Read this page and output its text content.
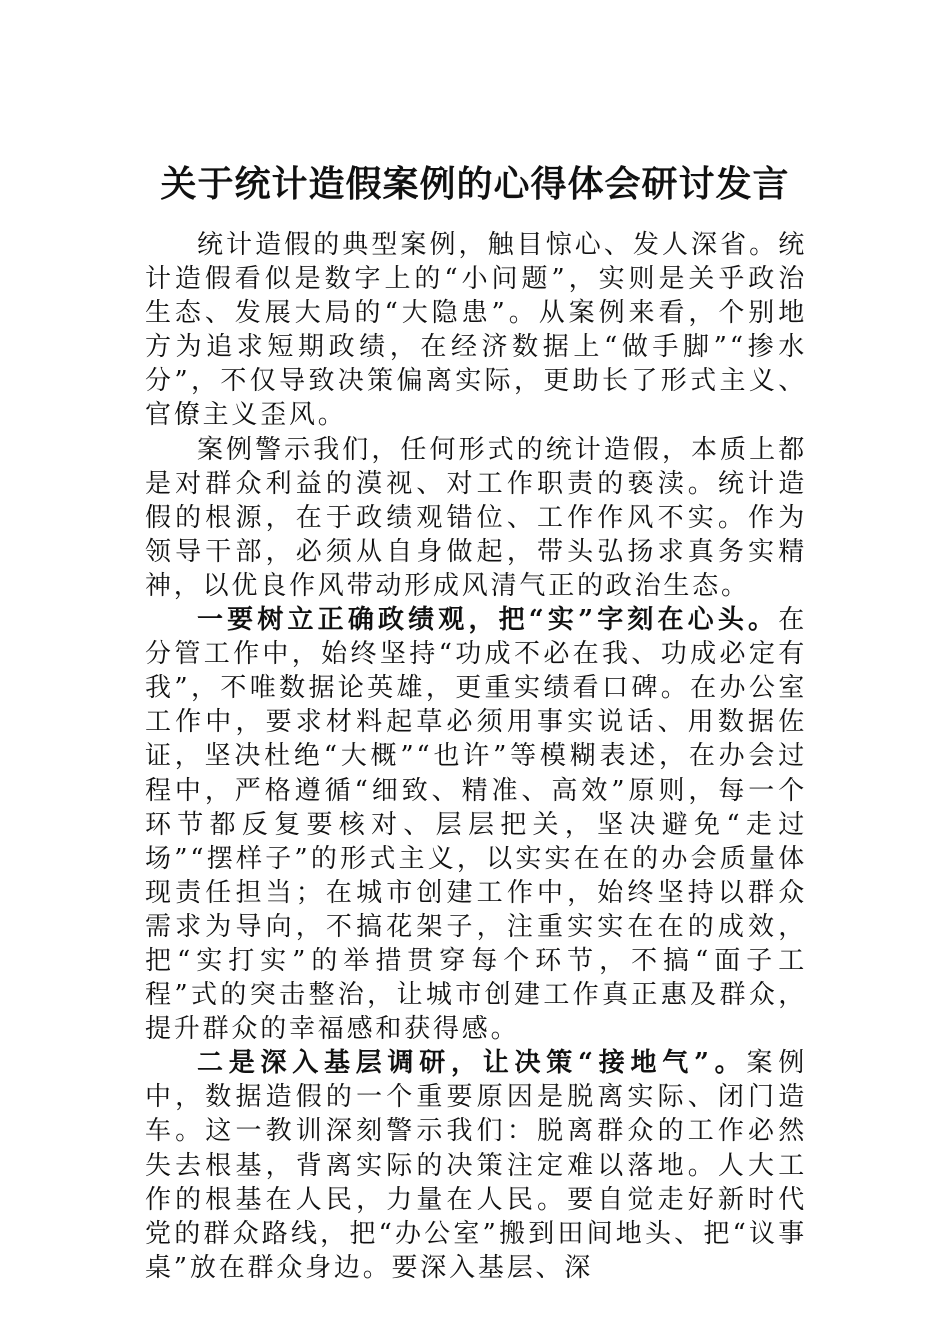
关于统计造假案例的心得体会研讨发言

统计造假的典型案例，触目惊心、发人深省。统计造假看似是数字上的“小问题”，实则是关乎政治生态、发展大局的“大隐患”。从案例来看，个别地方为追求短期政绩，在经济数据上“做手脚”“掺水分”，不仅导致决策偏离实际，更助长了形式主义、官僚主义歪风。

案例警示我们，任何形式的统计造假，本质上都是对群众利益的漠视、对工作职责的亵渎。统计造假的根源，在于政绩观错位、工作作风不实。作为领导干部，必须从自身做起，带头弘扬求真务实精神，以优良作风带动形成风清气正的政治生态。

一要树立正确政绩观，把“实”字刻在心头。在分管工作中，始终坚持“功成不必在我、功成必定有我”，不唯数据论英雄，更重实绩看口碑。在办公室工作中，要求材料起草必须用事实说话、用数据佐证，坚决杜绝“大概”“也许”等模糊表述，在办会过程中，严格遵循“细致、精准、高效”原则，每一个环节都反复要核对、层层把关，坚决避免“走过场”“摆样子”的形式主义，以实实在在的办会质量体现责任担当；在城市创建工作中，始终坚持以群众需求为导向，不搞花架子，注重实实在在的成效，把“实打实”的举措贯穿每个环节，不搞“面子工程”式的突击整治，让城市创建工作真正惠及群众，提升群众的幸福感和获得感。

二是深入基层调研，让决策“接地气”。案例中，数据造假的一个重要原因是脱离实际、闭门造车。这一教训深刻警示我们：脱离群众的工作必然失去根基，背离实际的决策注定难以落地。人大工作的根基在人民，力量在人民。要自觉走好新时代党的群众路线，把“办公室”搬到田间地头、把“议事桌”放在群众身边。要深入基层、深
